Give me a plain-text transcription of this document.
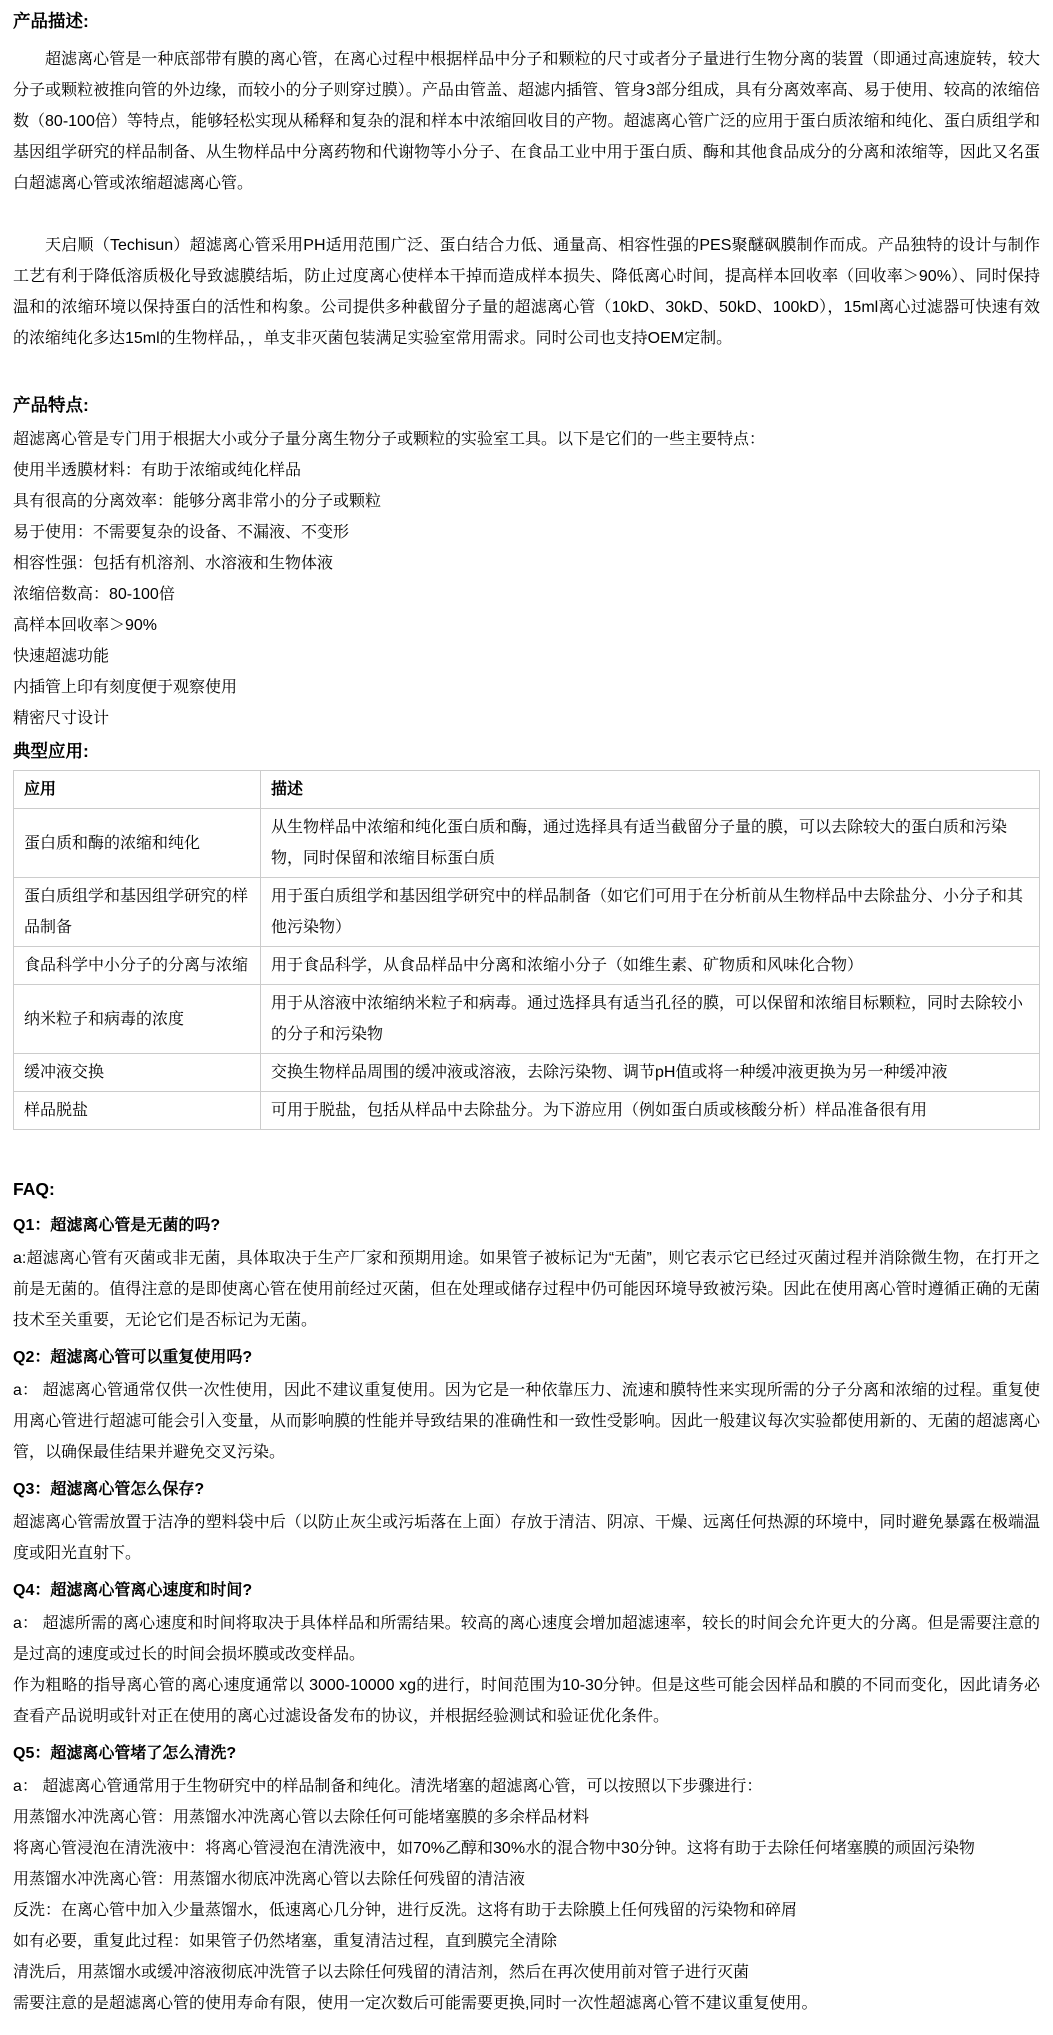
产品描述:

超滤离心管是一种底部带有膜的离心管，在离心过程中根据样品中分子和颗粒的尺寸或者分子量进行生物分离的装置（即通过高速旋转，较大分子或颗粒被推向管的外边缘，而较小的分子则穿过膜）。产品由管盖、超滤内插管、管身3部分组成，具有分离效率高、易于使用、较高的浓缩倍数（80-100倍）等特点，能够轻松实现从稀释和复杂的混和样本中浓缩回收目的产物。超滤离心管广泛的应用于蛋白质浓缩和纯化、蛋白质组学和基因组学研究的样品制备、从生物样品中分离药物和代谢物等小分子、在食品工业中用于蛋白质、酶和其他食品成分的分离和浓缩等，因此又名蛋白超滤离心管或浓缩超滤离心管。

天启顺（Techisun）超滤离心管采用PH适用范围广泛、蛋白结合力低、通量高、相容性强的PES聚醚砜膜制作而成。产品独特的设计与制作工艺有利于降低溶质极化导致滤膜结垢，防止过度离心使样本干掉而造成样本损失、降低离心时间，提高样本回收率（回收率＞90%）、同时保持温和的浓缩环境以保持蛋白的活性和构象。公司提供多种截留分子量的超滤离心管（10kD、30kD、50kD、100kD），15ml离心过滤器可快速有效的浓缩纯化多达15ml的生物样品，，单支非灭菌包装满足实验室常用需求。同时公司也支持OEM定制。

产品特点:

超滤离心管是专门用于根据大小或分子量分离生物分子或颗粒的实验室工具。以下是它们的一些主要特点：

使用半透膜材料：有助于浓缩或纯化样品

具有很高的分离效率：能够分离非常小的分子或颗粒

易于使用：不需要复杂的设备、不漏液、不变形

相容性强：包括有机溶剂、水溶液和生物体液

浓缩倍数高：80-100倍

高样本回收率＞90%

快速超滤功能

内插管上印有刻度便于观察使用

精密尺寸设计

典型应用:
应用	描述
蛋白质和酶的浓缩和纯化	从生物样品中浓缩和纯化蛋白质和酶，通过选择具有适当截留分子量的膜，可以去除较大的蛋白质和污染物，同时保留和浓缩目标蛋白质
蛋白质组学和基因组学研究的样品制备	用于蛋白质组学和基因组学研究中的样品制备（如它们可用于在分析前从生物样品中去除盐分、小分子和其他污染物）
食品科学中小分子的分离与浓缩	用于食品科学，从食品样品中分离和浓缩小分子（如维生素、矿物质和风味化合物）
纳米粒子和病毒的浓度	用于从溶液中浓缩纳米粒子和病毒。通过选择具有适当孔径的膜，可以保留和浓缩目标颗粒，同时去除较小的分子和污染物
缓冲液交换	交换生物样品周围的缓冲液或溶液，去除污染物、调节pH值或将一种缓冲液更换为另一种缓冲液
样品脱盐	可用于脱盐，包括从样品中去除盐分。为下游应用（例如蛋白质或核酸分析）样品准备很有用
FAQ:
Q1：超滤离心管是无菌的吗?

a:超滤离心管有灭菌或非无菌，具体取决于生产厂家和预期用途。如果管子被标记为“无菌”，则它表示它已经过灭菌过程并消除微生物，在打开之前是无菌的。值得注意的是即使离心管在使用前经过灭菌，但在处理或储存过程中仍可能因环境导致被污染。因此在使用离心管时遵循正确的无菌技术至关重要，无论它们是否标记为无菌。

Q2：超滤离心管可以重复使用吗?

a： 超滤离心管通常仅供一次性使用，因此不建议重复使用。因为它是一种依靠压力、流速和膜特性来实现所需的分子分离和浓缩的过程。重复使用离心管进行超滤可能会引入变量，从而影响膜的性能并导致结果的准确性和一致性受影响。因此一般建议每次实验都使用新的、无菌的超滤离心管，以确保最佳结果并避免交叉污染。

Q3：超滤离心管怎么保存?

超滤离心管需放置于洁净的塑料袋中后（以防止灰尘或污垢落在上面）存放于清洁、阴凉、干燥、远离任何热源的环境中，同时避免暴露在极端温度或阳光直射下。

Q4：超滤离心管离心速度和时间?

a： 超滤所需的离心速度和时间将取决于具体样品和所需结果。较高的离心速度会增加超滤速率，较长的时间会允许更大的分离。但是需要注意的是过高的速度或过长的时间会损坏膜或改变样品。

作为粗略的指导离心管的离心速度通常以 3000-10000 xg的进行，时间范围为10-30分钟。但是这些可能会因样品和膜的不同而变化，因此请务必查看产品说明或针对正在使用的离心过滤设备发布的协议，并根据经验测试和验证优化条件。

Q5：超滤离心管堵了怎么清洗?

a： 超滤离心管通常用于生物研究中的样品制备和纯化。清洗堵塞的超滤离心管，可以按照以下步骤进行：

用蒸馏水冲洗离心管：用蒸馏水冲洗离心管以去除任何可能堵塞膜的多余样品材料

将离心管浸泡在清洗液中：将离心管浸泡在清洗液中，如70%乙醇和30%水的混合物中30分钟。这将有助于去除任何堵塞膜的顽固污染物

用蒸馏水冲洗离心管：用蒸馏水彻底冲洗离心管以去除任何残留的清洁液

反洗：在离心管中加入少量蒸馏水，低速离心几分钟，进行反洗。这将有助于去除膜上任何残留的污染物和碎屑

如有必要，重复此过程：如果管子仍然堵塞，重复清洁过程，直到膜完全清除

清洗后，用蒸馏水或缓冲溶液彻底冲洗管子以去除任何残留的清洁剂，然后在再次使用前对管子进行灭菌

需要注意的是超滤离心管的使用寿命有限，使用一定次数后可能需要更换,同时一次性超滤离心管不建议重复使用。
